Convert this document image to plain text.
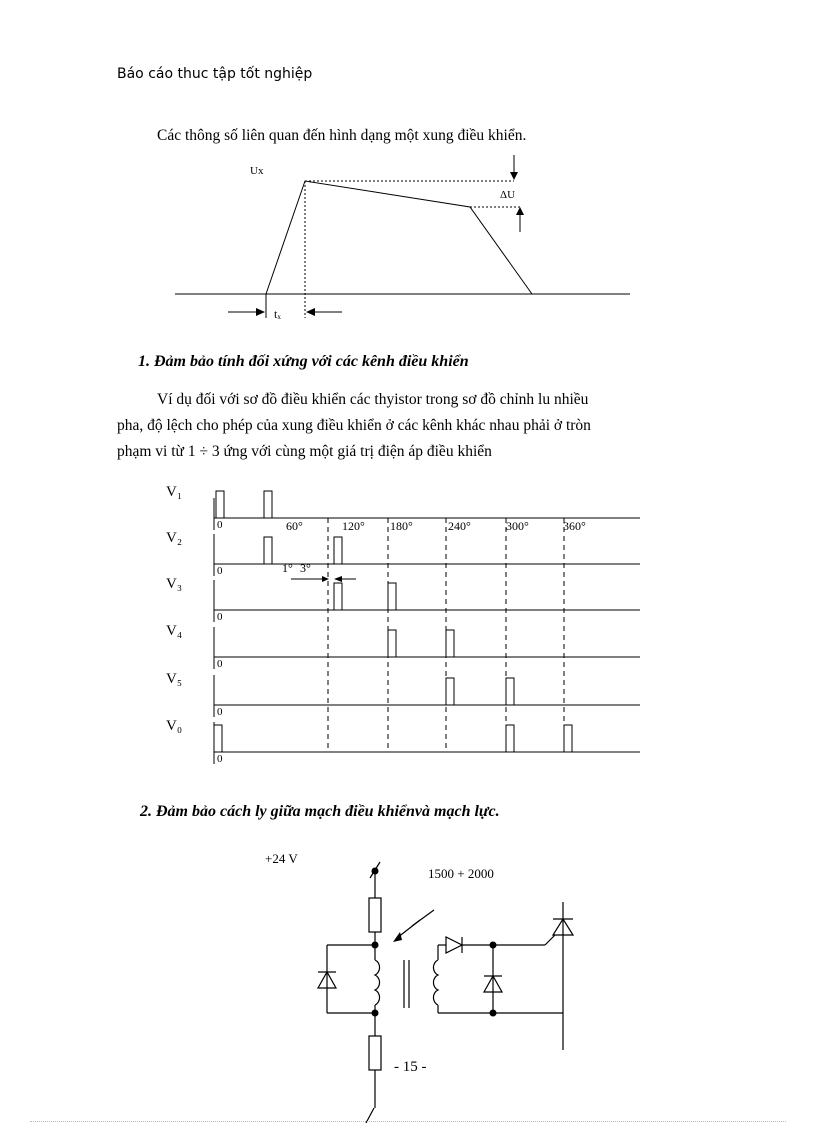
Báo cáo thuc tập tốt nghiệp
Các thông số liên quan đến hình dạng một xung điều khiển.
Ux
ΔU
tₓ
1. Đảm bảo tính đối xứng với các kênh điều khiển
Ví dụ đối với sơ đồ điều khiển các thyistor trong sơ đồ chỉnh lu nhiều
pha, độ lệch cho phép của xung điều khiển ở các kênh khác nhau phải ở tròn
phạm vi từ 1 ÷ 3 ứng với cùng một giá trị điện áp điều khiển
V₁
V₂
V₃
V₄
V₅
V₀
60°	120° 180°	240°	300°	360°
0
0
0
0
0
0
1° 3°
2. Đảm bảo cách ly giữa mạch điều khiểnvà mạch lực.
+24 V
1500 + 2000
- 15 -
